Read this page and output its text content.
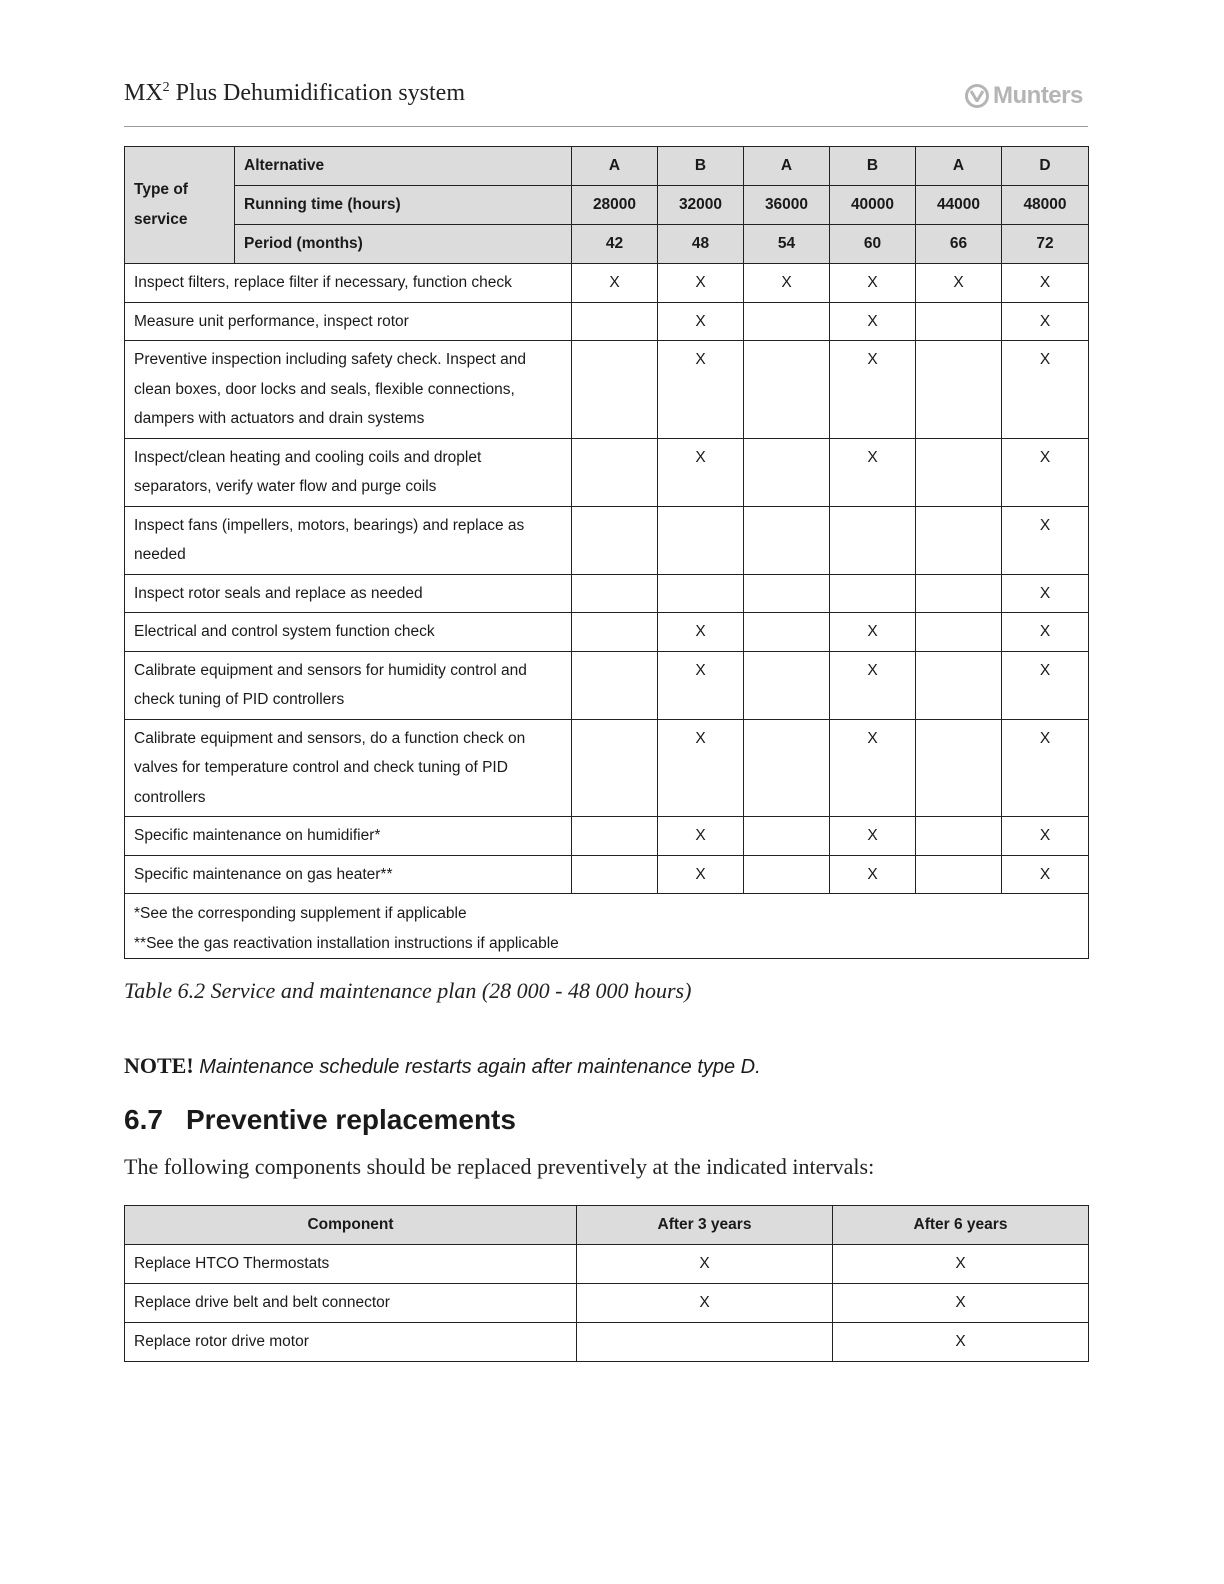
$MX^2$ Plus Dehumidification system	Munters
Type of service	Alternative	A	B	A	B	A	D
	Running time (hours)	28000	32000	36000	40000	44000	48000
	Period (months)	42	48	54	60	66	72
Inspect filters, replace filter if necessary, function check		X	X	X	X	X	X
Measure unit performance, inspect rotor			X		X		X
Preventive inspection including safety check. Inspect and clean boxes, door locks and seals, flexible connections, dampers with actuators and drain systems			X		X		X
Inspect/clean heating and cooling coils and droplet separators, verify water flow and purge coils			X		X		X
Inspect fans (impellers, motors, bearings) and replace as needed							X
Inspect rotor seals and replace as needed							X
Electrical and control system function check			X		X		X
Calibrate equipment and sensors for humidity control and check tuning of PID controllers			X		X		X
Calibrate equipment and sensors, do a function check on valves for temperature control and check tuning of PID controllers			X		X		X
Specific maintenance on humidifier*			X		X		X
Specific maintenance on gas heater**			X		X		X

*See the corresponding supplement if applicable
**See the gas reactivation installation instructions if applicable							
Table 6.2 Service and maintenance plan (28 000 - 48 000 hours)
NOTE! Maintenance schedule restarts again after maintenance type D.
6.7 Preventive replacements
The following components should be replaced preventively at the indicated intervals:
Component	After 3 years	After 6 years
Replace HTCO Thermostats	X	X
Replace drive belt and belt connector	X	X
Replace rotor drive motor		X
